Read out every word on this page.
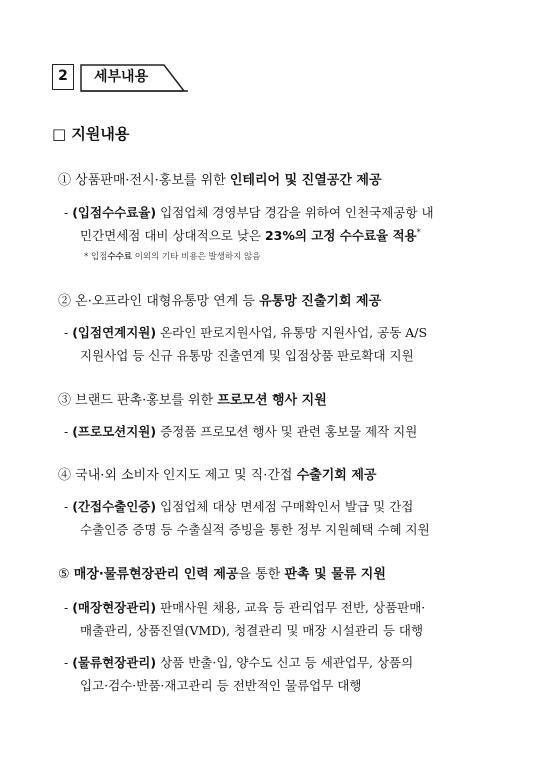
2	세부내용
□ 지원내용
① 상품판매·전시·홍보를 위한 인테리어 및 진열공간 제공
- (입점수수료율) 입점업체 경영부담 경감을 위하여 인천국제공항 내
민간면세점 대비 상대적으로 낮은 23%의 고정 수수료율 적용*
* 입점수수료 이외의 기타 비용은 발생하지 않음
② 온·오프라인 대형유통망 연계 등 유통망 진출기회 제공
- (입점연계지원) 온라인 판로지원사업, 유통망 지원사업, 공동 A/S
지원사업 등 신규 유통망 진출연계 및 입점상품 판로확대 지원
③ 브랜드 판촉·홍보를 위한 프로모션 행사 지원
- (프로모션지원) 증정품 프로모션 행사 및 관련 홍보물 제작 지원
④ 국내·외 소비자 인지도 제고 및 직·간접 수출기회 제공
- (간접수출인증) 입점업체 대상 면세점 구매확인서 발급 및 간접
수출인증 증명 등 수출실적 증빙을 통한 정부 지원혜택 수혜 지원
⑤ 매장·물류현장관리 인력 제공을 통한 판촉 및 물류 지원
- (매장현장관리) 판매사원 채용, 교육 등 관리업무 전반, 상품판매·
매출관리, 상품진열(VMD), 청결관리 및 매장 시설관리 등 대행
- (물류현장관리) 상품 반출·입, 양수도 신고 등 세관업무, 상품의
입고·검수·반품·재고관리 등 전반적인 물류업무 대행
